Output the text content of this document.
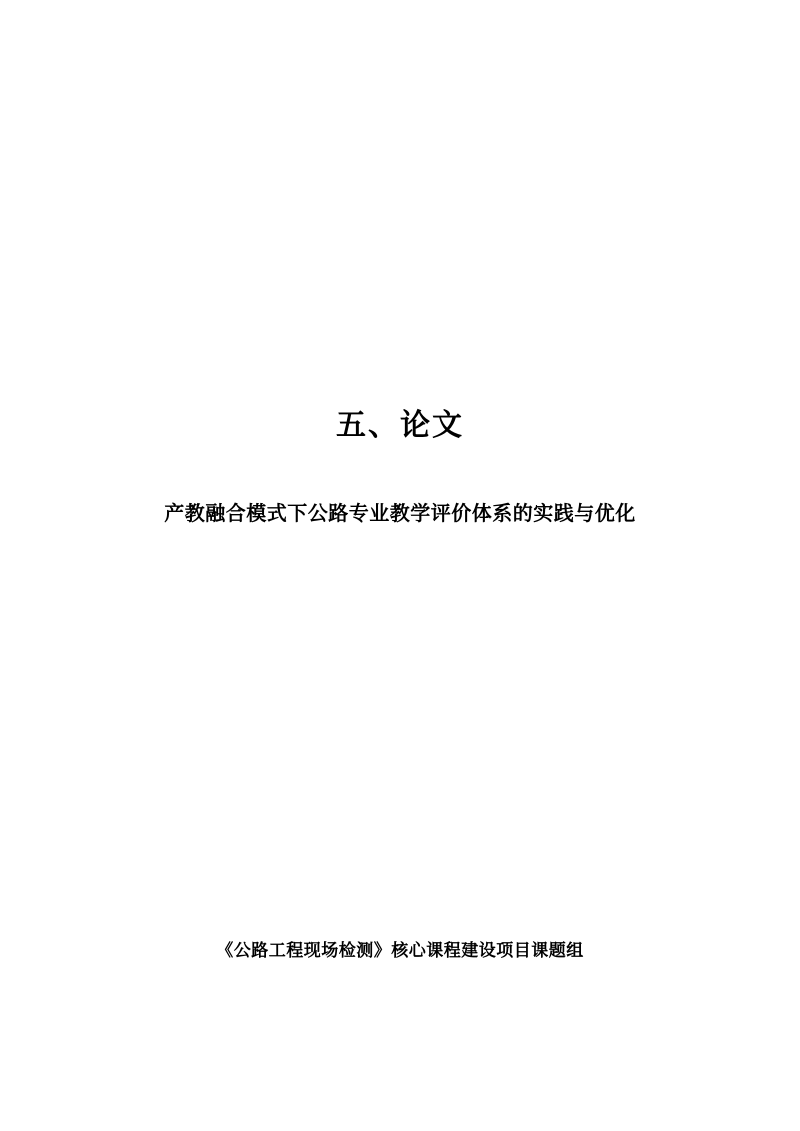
五、论文
产教融合模式下公路专业教学评价体系的实践与优化
《公路工程现场检测》核心课程建设项目课题组
